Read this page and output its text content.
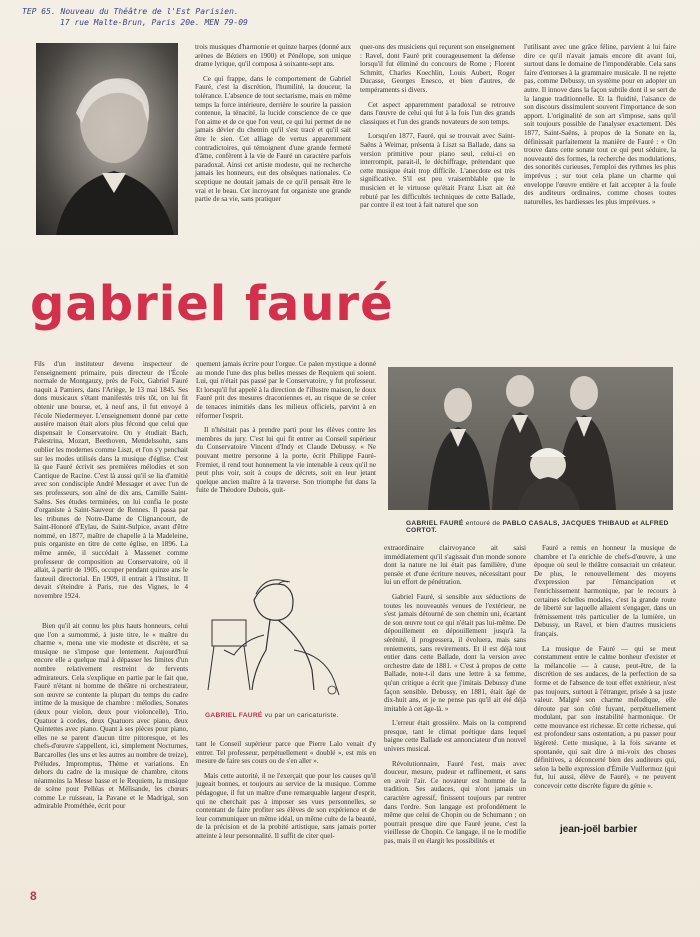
TEP 65. Nouveau du Théâtre de l'Est Parisien.
17 rue Malte-Brun, Paris 20e. MEN 79-09

trois musiques d'harmonie et quinze harpes (donné aux arènes de Béziers en 1900) et Pénélope, son unique drame lyrique, qu'il composa à soixante-sept ans.

Ce qui frappe, dans le comportement de Gabriel Fauré, c'est la discrétion, l'humilité, la douceur, la tolérance. L'absence de tout sectarisme, mais en même temps la force intérieure, derrière le sourire la passion contenue, la ténacité, la lucide conscience de ce que l'on aime et de ce que l'on veut, ce qui lui permet de ne jamais dévier du chemin qu'il s'est tracé et qu'il sait être le sien. Cet alliage de vertus apparemment contradictoires, qui témoignent d'une grande fermeté d'âme, confèrent à la vie de Fauré un caractère parfois paradoxal. Ainsi cet artiste modeste, qui ne recherche jamais les honneurs, eut des obsèques nationales. Ce sceptique ne doutait jamais de ce qu'il pensait être le vrai et le beau. Cet incroyant fut organiste une grande partie de sa vie, sans pratiquer

quer-ons des musiciens qui reçurent son enseignement : Ravel, dont Fauré prit courageusement la défense lorsqu'il fut éliminé du concours de Rome ; Florent Schmitt, Charles Koechlin, Louis Aubert, Roger Ducasse, Georges Enesco, et bien d'autres, de tempéraments si divers.

Cet aspect apparemment paradoxal se retrouve dans l'œuvre de celui qui fut à la fois l'un des grands classiques et l'un des grands novateurs de son temps.

Lorsqu'en 1877, Fauré, qui se trouvait avec Saint-Saëns à Weimar, présenta à Liszt sa Ballade, dans sa version primitive pour piano seul, celui-ci en interrompit, parait-il, le déchiffrage, prétendant que cette musique était trop difficile. L'anecdote est très significative. S'il est peu vraisemblable que le musicien et le virtuose qu'était Franz Liszt ait été rebuté par les difficultés techniques de cette Ballade, par contre il est tout à fait naturel que son

l'utilisant avec une grâce féline, parvient à lui faire dire ce qu'il n'avait jamais encore dit avant lui, surtout dans le domaine de l'impondérable. Cela sans faire d'entorses à la grammaire musicale. Il ne rejette pas, comme Debussy, un système pour en adopter un autre. Il innove dans la façon subtile dont il se sert de la langue traditionnelle. Et la fluidité, l'aisance de son discours dissimulent souvent l'importance de son apport. L'originalité de son art s'impose, sans qu'il soit toujours possible de l'analyser exactement. Dès 1877, Saint-Saëns, à propos de la Sonate en la, définissait parfaitement la manière de Fauré : « On trouve dans cette sonate tout ce qui peut séduire, la nouveauté des formes, la recherche des modulations, des sonorités curieuses, l'emploi des rythmes les plus imprévus ; sur tout cela plane un charme qui enveloppe l'œuvre entière et fait accepter à la foule des auditeurs ordinaires, comme choses toutes naturelles, les hardiesses les plus imprévues. »

gabriel fauré

Fils d'un instituteur devenu inspecteur de l'enseignement primaire, puis directeur de l'École normale de Montgauzy, près de Foix, Gabriel Fauré naquit à Pamiers, dans l'Ariège, le 13 mai 1845. Ses dons musicaux s'étant manifestés très tôt, on lui fit obtenir une bourse, et, à neuf ans, il fut envoyé à l'école Niedermeyer. L'enseignement donné par cette austère maison était alors plus fécond que celui que dispensait le Conservatoire. On y étudiait Bach, Palestrina, Mozart, Beethoven, Mendelssohn, sans oublier les modernes comme Liszt, et l'on s'y penchait sur les modes utilisés dans la musique d'église. C'est là que Fauré écrivit ses premières mélodies et son Cantique de Racine. C'est là aussi qu'il se lia d'amitié avec son condisciple André Messager et avec l'un de ses professeurs, son aîné de dix ans, Camille Saint-Saëns. Ses études terminées, on lui confia le poste d'organiste à Saint-Sauveur de Rennes. Il passa par les tribunes de Notre-Dame de Clignancourt, de Saint-Honoré d'Eylau, de Saint-Sulpice, avant d'être nommé, en 1877, maître de chapelle à la Madeleine, puis organiste en titre de cette église, en 1896. La même année, il succédait à Massenet comme professeur de composition au Conservatoire, où il allait, à partir de 1905, occuper pendant quinze ans le fauteuil directorial. En 1909, il entrait à l'Institut. Il devait s'éteindre à Paris, rue des Vignes, le 4 novembre 1924.

Bien qu'il ait connu les plus hauts honneurs, celui que l'on a surnommé, à juste titre, le « maître du charme », mena une vie modeste et discrète, et sa musique ne s'impose que lentement. Aujourd'hui encore elle a quelque mal à dépasser les limites d'un nombre relativement restreint de fervents admirateurs. Cela s'explique en partie par le fait que, Fauré n'étant ni homme de théâtre ni orchestrateur, son œuvre se contente la plupart du temps du cadre intime de la musique de chambre : mélodies, Sonates (deux pour violon, deux pour violoncelle), Trio, Quatuor à cordes, deux Quatuors avec piano, deux Quintettes avec piano. Quant à ses pièces pour piano, elles ne se parent d'aucun titre pittoresque, et les chefs-d'œuvre s'appellent, ici, simplement Nocturnes, Barcarolles (les uns et les autres au nombre de treize), Préludes, Impromptus, Thème et variations. En dehors du cadre de la musique de chambre, citons néanmoins la Messe basse et le Requiem, la musique de scène pour Pelléas et Mélisande, les chœurs comme Le ruisseau, la Pavane et le Madrigal, son admirable Prométhée, écrit pour

quement jamais écrire pour l'orgue. Ce païen mystique a donné au monde l'une des plus belles messes de Requiem qui soient. Lui, qui n'était pas passé par le Conservatoire, y fut professeur. Et lorsqu'il fut appelé à la direction de l'illustre maison, le doux Fauré prit des mesures draconiennes et, au risque de se créer de tenaces inimitiés dans les milieux officiels, parvint à en réformer l'esprit.

Il n'hésitait pas à prendre parti pour les élèves contre les membres du jury. C'est lui qui fit entrer au Conseil supérieur du Conservatoire Vincent d'Indy et Claude Debussy. « Ne pouvant mettre personne à la porte, écrit Philippe Fauré-Fremiet, il rend tout honnement la vie intenable à ceux qu'il ne peut plus voir, soit à coups de décrets, soit en leur jetant quelque ancien maître à la traverse. Son triomphe fut dans la fuite de Théodore Dubois, quit-

GABRIEL FAURÉ vu par un caricaturiste.

tant le Conseil supérieur parce que Pierre Lalo venait d'y entrer. Tel professeur, perpétuellement « doublé », est mis en mesure de faire ses cours ou de s'en aller ».

Mais cette autorité, il ne l'exerçait que pour les causes qu'il jugeait bonnes, et toujours au service de la musique. Comme pédagogue, il fut un maître d'une remarquable largeur d'esprit, qui ne cherchait pas à imposer ses vues personnelles, se contentant de faire profiter ses élèves de son expérience et de leur communiquer un même idéal, un même culte de la beauté, de la précision et de la probité artistique, sans jamais porter atteinte à leur personnalité. Il suffit de citer quel-

GABRIEL FAURÉ entouré de PABLO CASALS, JACQUES THIBAUD et ALFRED CORTOT.

extraordinaire clairvoyance ait saisi immédiatement qu'il s'agissait d'un monde sonore dont la nature ne lui était pas familière, d'une pensée et d'une écriture neuves, nécessitant pour lui un effort de pénétration.

Gabriel Fauré, si sensible aux séductions de toutes les nouveautés venues de l'extérieur, ne s'est jamais détourné de son chemin uni, écartant de son œuvre tout ce qui n'était pas lui-même. De dépouillement en dépouillement jusqu'à la sérénité, il progressera, il évoluera, mais sans reniements, sans revirements. Et il est déjà tout entier dans cette Ballade, dont la version avec orchestre date de 1881. « C'est à propos de cette Ballade, note-t-il dans une lettre à sa femme, qu'un critique a écrit que j'imitais Debussy d'une façon sensible. Debussy, en 1881, était âgé de dix-huit ans, et je ne pense pas qu'il ait été déjà imitable à cet âge-là. »

L'erreur était grossière. Mais on la comprend presque, tant le climat poétique dans lequel baigne cette Ballade est annonciateur d'un nouvel univers musical.

Révolutionnaire, Fauré l'est, mais avec douceur, mesure, pudeur et raffinement, et sans en avoir l'air. Ce novateur est homme de la tradition. Ses audaces, qui n'ont jamais un caractère agressif, finissent toujours par rentrer dans l'ordre. Son langage est profondément le même que celui de Chopin ou de Schumann ; on pourrait presque dire que Fauré jeune, c'est la vieillesse de Chopin. Ce langage, il ne le modifie pas, mais il en élargit les possibilités et

Fauré a remis en honneur la musique de chambre et l'a enrichie de chefs-d'œuvre, à une époque où seul le théâtre consacrait un créateur. De plus, le renouvellement des moyens d'expression par l'émancipation et l'enrichissement harmonique, par le recours à certaines échelles modales, c'est la grande route de liberté sur laquelle allaient s'engager, dans un frémissement très particulier de la lumière, un Debussy, un Ravel, et bien d'autres musiciens français.

La musique de Fauré — qui se meut constamment entre le calme bonheur d'exister et la mélancolie — à cause, peut-être, de la discrétion de ses audaces, de la perfection de sa forme et de l'absence de tout effet extérieur, n'est pas toujours, surtout à l'étranger, prisée à sa juste valeur. Malgré son charme mélodique, elle déroute par son côté fuyant, perpétuellement modulant, par son instabilité harmonique. Or cette mouvance est richesse. Et cette richesse, qui est profondeur sans ostentation, a pu passer pour légèreté. Cette musique, à la fois savante et spontanée, qui sait dire à mi-voix des choses définitives, a déconcerté bien des auditeurs qui, selon la belle expression d'Émile Vuillermoz (qui fut, lui aussi, élève de Fauré), « ne peuvent concevoir cette discrète figure du génie ».

jean-joël barbier
8
